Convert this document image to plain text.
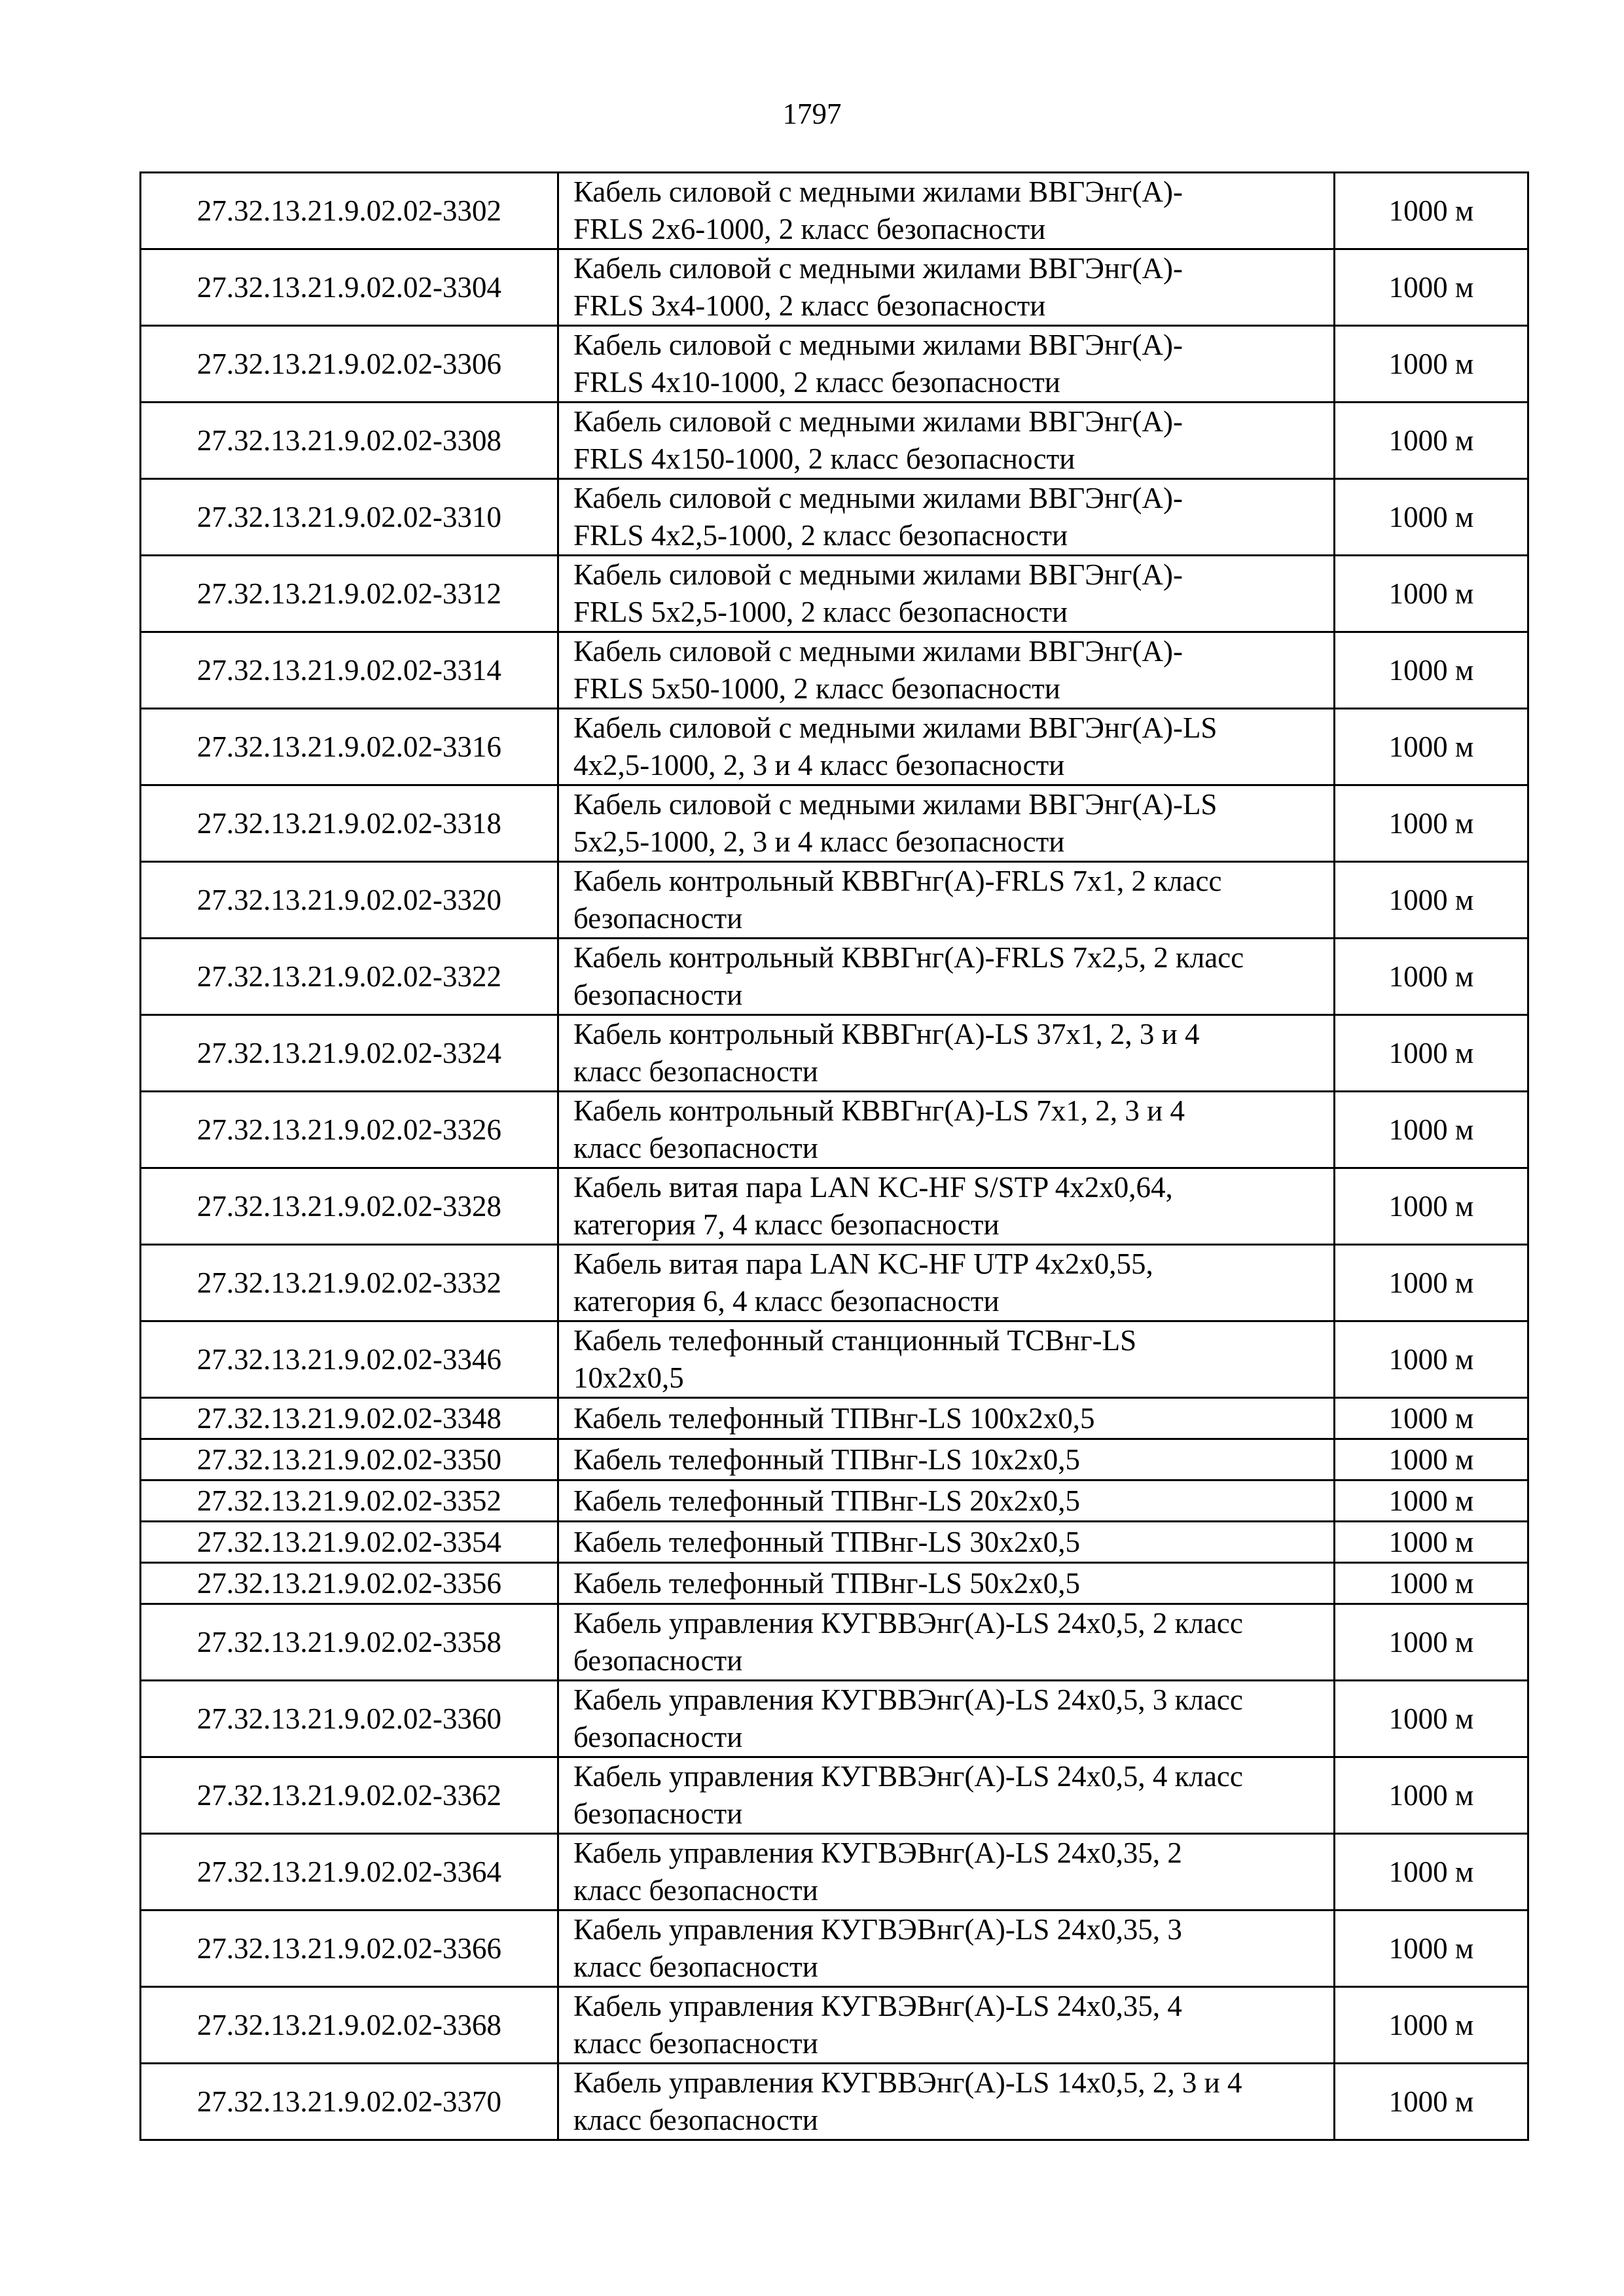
1797
27.32.13.21.9.02.02-3302	Кабель силовой с медными жилами ВВГЭнг(А)-
FRLS 2х6-1000, 2 класс безопасности	1000 м
27.32.13.21.9.02.02-3304	Кабель силовой с медными жилами ВВГЭнг(А)-
FRLS 3х4-1000, 2 класс безопасности	1000 м
27.32.13.21.9.02.02-3306	Кабель силовой с медными жилами ВВГЭнг(А)-
FRLS 4х10-1000, 2 класс безопасности	1000 м
27.32.13.21.9.02.02-3308	Кабель силовой с медными жилами ВВГЭнг(А)-
FRLS 4х150-1000, 2 класс безопасности	1000 м
27.32.13.21.9.02.02-3310	Кабель силовой с медными жилами ВВГЭнг(А)-
FRLS 4х2,5-1000, 2 класс безопасности	1000 м
27.32.13.21.9.02.02-3312	Кабель силовой с медными жилами ВВГЭнг(А)-
FRLS 5х2,5-1000, 2 класс безопасности	1000 м
27.32.13.21.9.02.02-3314	Кабель силовой с медными жилами ВВГЭнг(А)-
FRLS 5х50-1000, 2 класс безопасности	1000 м
27.32.13.21.9.02.02-3316	Кабель силовой с медными жилами ВВГЭнг(А)-LS
4х2,5-1000, 2, 3 и 4 класс безопасности	1000 м
27.32.13.21.9.02.02-3318	Кабель силовой с медными жилами ВВГЭнг(А)-LS
5х2,5-1000, 2, 3 и 4 класс безопасности	1000 м
27.32.13.21.9.02.02-3320	Кабель контрольный КВВГнг(А)-FRLS 7х1, 2 класс
безопасности	1000 м
27.32.13.21.9.02.02-3322	Кабель контрольный КВВГнг(А)-FRLS 7х2,5, 2 класс
безопасности	1000 м
27.32.13.21.9.02.02-3324	Кабель контрольный КВВГнг(А)-LS 37х1, 2, 3 и 4
класс безопасности	1000 м
27.32.13.21.9.02.02-3326	Кабель контрольный КВВГнг(А)-LS 7х1, 2, 3 и 4
класс безопасности	1000 м
27.32.13.21.9.02.02-3328	Кабель витая пара LAN KC-HF S/STP 4x2x0,64,
категория 7, 4 класс безопасности	1000 м
27.32.13.21.9.02.02-3332	Кабель витая пара LAN KC-HF UTP 4x2x0,55,
категория 6, 4 класс безопасности	1000 м
27.32.13.21.9.02.02-3346	Кабель телефонный станционный ТСВнг-LS
10х2х0,5	1000 м
27.32.13.21.9.02.02-3348	Кабель телефонный ТПВнг-LS 100х2х0,5	1000 м
27.32.13.21.9.02.02-3350	Кабель телефонный ТПВнг-LS 10х2х0,5	1000 м
27.32.13.21.9.02.02-3352	Кабель телефонный ТПВнг-LS 20х2х0,5	1000 м
27.32.13.21.9.02.02-3354	Кабель телефонный ТПВнг-LS 30х2х0,5	1000 м
27.32.13.21.9.02.02-3356	Кабель телефонный ТПВнг-LS 50х2х0,5	1000 м
27.32.13.21.9.02.02-3358	Кабель управления КУГВВЭнг(А)-LS 24х0,5, 2 класс
безопасности	1000 м
27.32.13.21.9.02.02-3360	Кабель управления КУГВВЭнг(А)-LS 24х0,5, 3 класс
безопасности	1000 м
27.32.13.21.9.02.02-3362	Кабель управления КУГВВЭнг(А)-LS 24х0,5, 4 класс
безопасности	1000 м
27.32.13.21.9.02.02-3364	Кабель управления КУГВЭВнг(А)-LS 24х0,35, 2
класс безопасности	1000 м
27.32.13.21.9.02.02-3366	Кабель управления КУГВЭВнг(А)-LS 24х0,35, 3
класс безопасности	1000 м
27.32.13.21.9.02.02-3368	Кабель управления КУГВЭВнг(А)-LS 24х0,35, 4
класс безопасности	1000 м
27.32.13.21.9.02.02-3370	Кабель управления КУГВВЭнг(А)-LS 14х0,5, 2, 3 и 4
класс безопасности	1000 м
